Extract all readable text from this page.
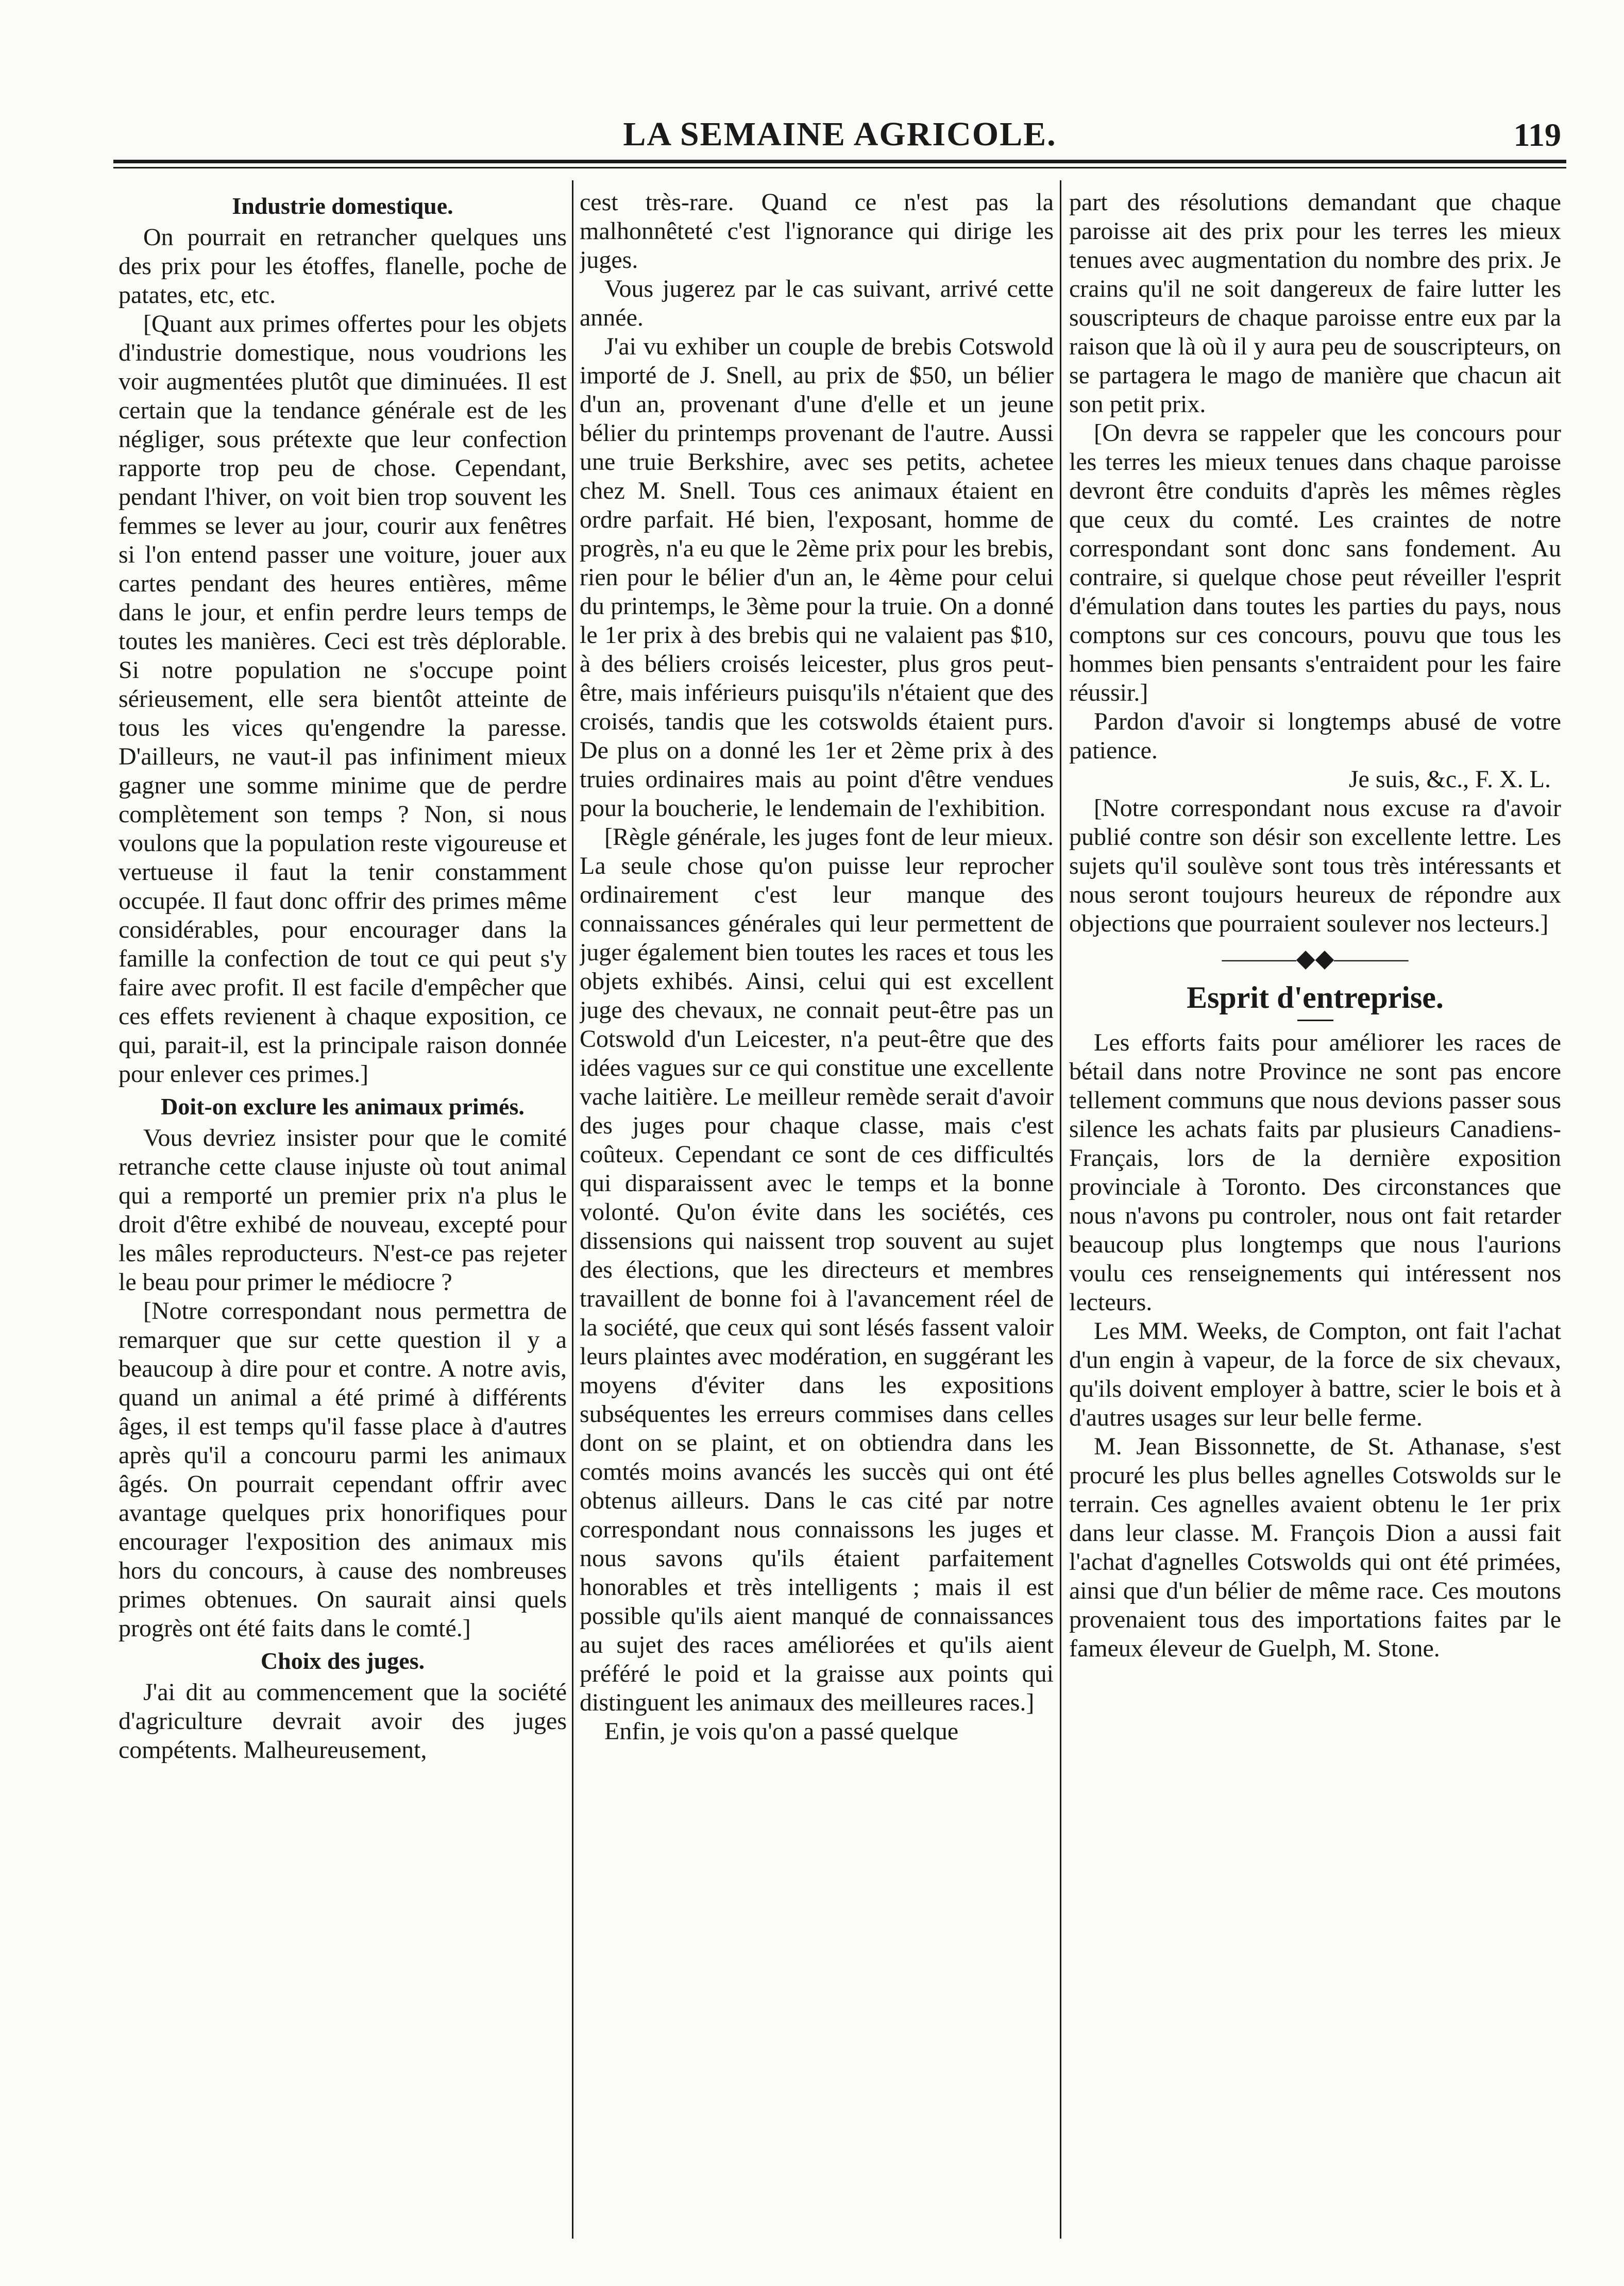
LA SEMAINE AGRICOLE.	119
Industrie domestique.

On pourrait en retrancher quelques uns des prix pour les étoffes, flanelle, poche de patates, etc, etc.

[Quant aux primes offertes pour les objets d'industrie domestique, nous voudrions les voir augmentées plutôt que diminuées. Il est certain que la tendance générale est de les négliger, sous prétexte que leur confection rapporte trop peu de chose. Cependant, pendant l'hiver, on voit bien trop souvent les femmes se lever au jour, courir aux fenêtres si l'on entend passer une voiture, jouer aux cartes pendant des heures entières, même dans le jour, et enfin perdre leurs temps de toutes les manières. Ceci est très déplorable. Si notre population ne s'occupe point sérieusement, elle sera bientôt atteinte de tous les vices qu'engendre la paresse. D'ailleurs, ne vaut-il pas infiniment mieux gagner une somme minime que de perdre complètement son temps ? Non, si nous voulons que la population reste vigoureuse et vertueuse il faut la tenir constamment occupée. Il faut donc offrir des primes même considérables, pour encourager dans la famille la confection de tout ce qui peut s'y faire avec profit. Il est facile d'empêcher que ces effets revienent à chaque exposition, ce qui, parait-il, est la principale raison donnée pour enlever ces primes.]

Doit-on exclure les animaux primés.

Vous devriez insister pour que le comité retranche cette clause injuste où tout animal qui a remporté un premier prix n'a plus le droit d'être exhibé de nouveau, excepté pour les mâles reproducteurs. N'est-ce pas rejeter le beau pour primer le médiocre ?

[Notre correspondant nous permettra de remarquer que sur cette question il y a beaucoup à dire pour et contre. A notre avis, quand un animal a été primé à différents âges, il est temps qu'il fasse place à d'autres après qu'il a concouru parmi les animaux âgés. On pourrait cependant offrir avec avantage quelques prix honorifiques pour encourager l'exposition des animaux mis hors du concours, à cause des nombreuses primes obtenues. On saurait ainsi quels progrès ont été faits dans le comté.]

Choix des juges.

J'ai dit au commencement que la société d'agriculture devrait avoir des juges compétents. Malheureusement,

cest très-rare. Quand ce n'est pas la malhonnêteté c'est l'ignorance qui dirige les juges.

Vous jugerez par le cas suivant, arrivé cette année.

J'ai vu exhiber un couple de brebis Cotswold importé de J. Snell, au prix de $50, un bélier d'un an, provenant d'une d'elle et un jeune bélier du printemps provenant de l'autre. Aussi une truie Berkshire, avec ses petits, achetee chez M. Snell. Tous ces animaux étaient en ordre parfait. Hé bien, l'exposant, homme de progrès, n'a eu que le 2ème prix pour les brebis, rien pour le bélier d'un an, le 4ème pour celui du printemps, le 3ème pour la truie. On a donné le 1er prix à des brebis qui ne valaient pas $10, à des béliers croisés leicester, plus gros peut-être, mais inférieurs puisqu'ils n'étaient que des croisés, tandis que les cotswolds étaient purs. De plus on a donné les 1er et 2ème prix à des truies ordinaires mais au point d'être vendues pour la boucherie, le lendemain de l'exhibition.

[Règle générale, les juges font de leur mieux. La seule chose qu'on puisse leur reprocher ordinairement c'est leur manque des connaissances générales qui leur permettent de juger également bien toutes les races et tous les objets exhibés. Ainsi, celui qui est excellent juge des chevaux, ne connait peut-être pas un Cotswold d'un Leicester, n'a peut-être que des idées vagues sur ce qui constitue une excellente vache laitière. Le meilleur remède serait d'avoir des juges pour chaque classe, mais c'est coûteux. Cependant ce sont de ces difficultés qui disparaissent avec le temps et la bonne volonté. Qu'on évite dans les sociétés, ces dissensions qui naissent trop souvent au sujet des élections, que les directeurs et membres travaillent de bonne foi à l'avancement réel de la société, que ceux qui sont lésés fassent valoir leurs plaintes avec modération, en suggérant les moyens d'éviter dans les expositions subséquentes les erreurs commises dans celles dont on se plaint, et on obtiendra dans les comtés moins avancés les succès qui ont été obtenus ailleurs. Dans le cas cité par notre correspondant nous connaissons les juges et nous savons qu'ils étaient parfaitement honorables et très intelligents ; mais il est possible qu'ils aient manqué de connaissances au sujet des races améliorées et qu'ils aient préféré le poid et la graisse aux points qui distinguent les animaux des meilleures races.]

Enfin, je vois qu'on a passé quelque

part des résolutions demandant que chaque paroisse ait des prix pour les terres les mieux tenues avec augmentation du nombre des prix. Je crains qu'il ne soit dangereux de faire lutter les souscripteurs de chaque paroisse entre eux par la raison que là où il y aura peu de souscripteurs, on se partagera le mago de manière que chacun ait son petit prix.

[On devra se rappeler que les concours pour les terres les mieux tenues dans chaque paroisse devront être conduits d'après les mêmes règles que ceux du comté. Les craintes de notre correspondant sont donc sans fondement. Au contraire, si quelque chose peut réveiller l'esprit d'émulation dans toutes les parties du pays, nous comptons sur ces concours, pouvu que tous les hommes bien pensants s'entraident pour les faire réussir.]

Pardon d'avoir si longtemps abusé de votre patience.

Je suis, &c., F. X. L.

[Notre correspondant nous excuse ra d'avoir publié contre son désir son excellente lettre. Les sujets qu'il soulève sont tous très intéressants et nous seront toujours heureux de répondre aux objections que pourraient soulever nos lecteurs.]

———◆◆———
Esprit d'entreprise.

Les efforts faits pour améliorer les races de bétail dans notre Province ne sont pas encore tellement communs que nous devions passer sous silence les achats faits par plusieurs Canadiens-Français, lors de la dernière exposition provinciale à Toronto. Des circonstances que nous n'avons pu controler, nous ont fait retarder beaucoup plus longtemps que nous l'aurions voulu ces renseignements qui intéressent nos lecteurs.

Les MM. Weeks, de Compton, ont fait l'achat d'un engin à vapeur, de la force de six chevaux, qu'ils doivent employer à battre, scier le bois et à d'autres usages sur leur belle ferme.

M. Jean Bissonnette, de St. Athanase, s'est procuré les plus belles agnelles Cotswolds sur le terrain. Ces agnelles avaient obtenu le 1er prix dans leur classe. M. François Dion a aussi fait l'achat d'agnelles Cotswolds qui ont été primées, ainsi que d'un bélier de même race. Ces moutons provenaient tous des importations faites par le fameux éleveur de Guelph, M. Stone.
